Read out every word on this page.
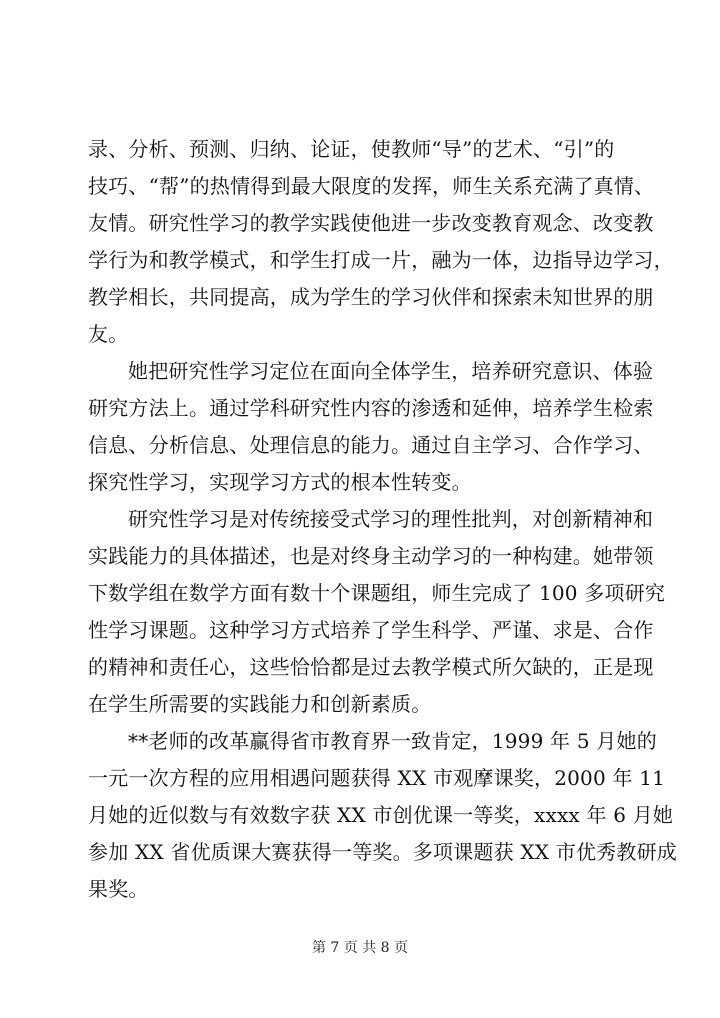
录、分析、预测、归纳、论证，使教师“导”的艺术、“引”的
技巧、“帮”的热情得到最大限度的发挥，师生关系充满了真情、
友情。研究性学习的教学实践使他进一步改变教育观念、改变教
学行为和教学模式，和学生打成一片，融为一体，边指导边学习，
教学相长，共同提高，成为学生的学习伙伴和探索未知世界的朋
友。
她把研究性学习定位在面向全体学生，培养研究意识、体验
研究方法上。通过学科研究性内容的渗透和延伸，培养学生检索
信息、分析信息、处理信息的能力。通过自主学习、合作学习、
探究性学习，实现学习方式的根本性转变。
研究性学习是对传统接受式学习的理性批判，对创新精神和
实践能力的具体描述，也是对终身主动学习的一种构建。她带领
下数学组在数学方面有数十个课题组，师生完成了 100 多项研究
性学习课题。这种学习方式培养了学生科学、严谨、求是、合作
的精神和责任心，这些恰恰都是过去教学模式所欠缺的，正是现
在学生所需要的实践能力和创新素质。
**老师的改革赢得省市教育界一致肯定，1999 年 5 月她的
一元一次方程的应用相遇问题获得 XX 市观摩课奖，2000 年 11
月她的近似数与有效数字获 XX 市创优课一等奖，xxxx 年 6 月她
参加 XX 省优质课大赛获得一等奖。多项课题获 XX 市优秀教研成
果奖。
第 7 页 共 8 页
